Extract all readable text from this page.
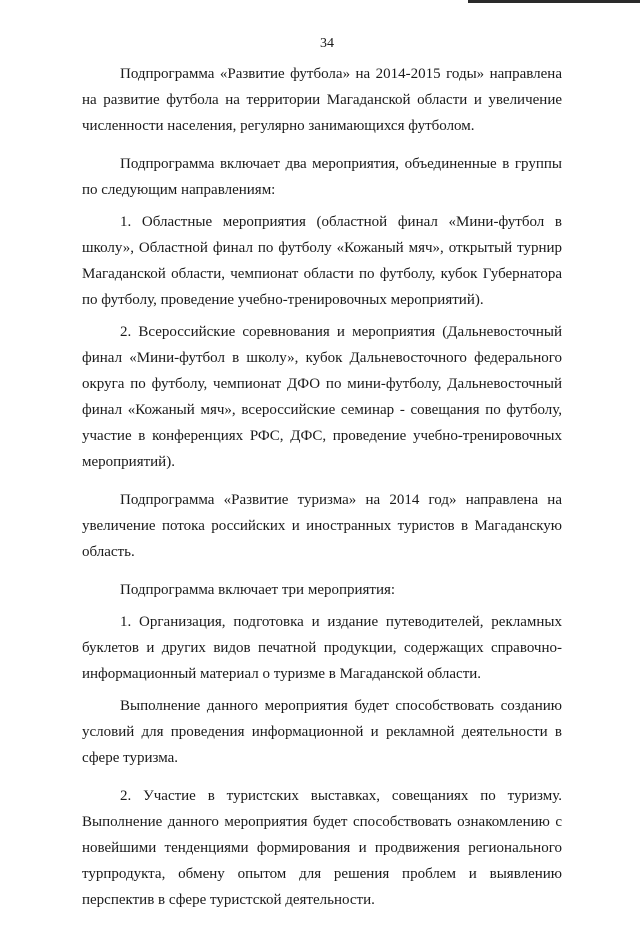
34

Подпрограмма «Развитие футбола» на 2014-2015 годы» направлена на развитие футбола на территории Магаданской области и увеличение численности населения, регулярно занимающихся футболом.

Подпрограмма включает два мероприятия, объединенные в группы по следующим направлениям:

1. Областные мероприятия (областной финал «Мини-футбол в школу», Областной финал по футболу «Кожаный мяч», открытый турнир Магаданской области, чемпионат области по футболу, кубок Губернатора по футболу, проведение учебно-тренировочных мероприятий).

2. Всероссийские соревнования и мероприятия (Дальневосточный финал «Мини-футбол в школу», кубок Дальневосточного федерального округа по футболу, чемпионат ДФО по мини-футболу, Дальневосточный финал «Кожаный мяч», всероссийские семинар - совещания по футболу, участие в конференциях РФС, ДФС, проведение учебно-тренировочных мероприятий).

Подпрограмма «Развитие туризма» на 2014 год» направлена на увеличение потока российских и иностранных туристов в Магаданскую область.

Подпрограмма включает три мероприятия:

1. Организация, подготовка и издание путеводителей, рекламных буклетов и других видов печатной продукции, содержащих справочно-информационный материал о туризме в Магаданской области.

Выполнение данного мероприятия будет способствовать созданию условий для проведения информационной и рекламной деятельности в сфере туризма.

2. Участие в туристских выставках, совещаниях по туризму. Выполнение данного мероприятия будет способствовать ознакомлению с новейшими тенденциями формирования и продвижения регионального турпродукта, обмену опытом для решения проблем и выявлению перспектив в сфере туристской деятельности.
